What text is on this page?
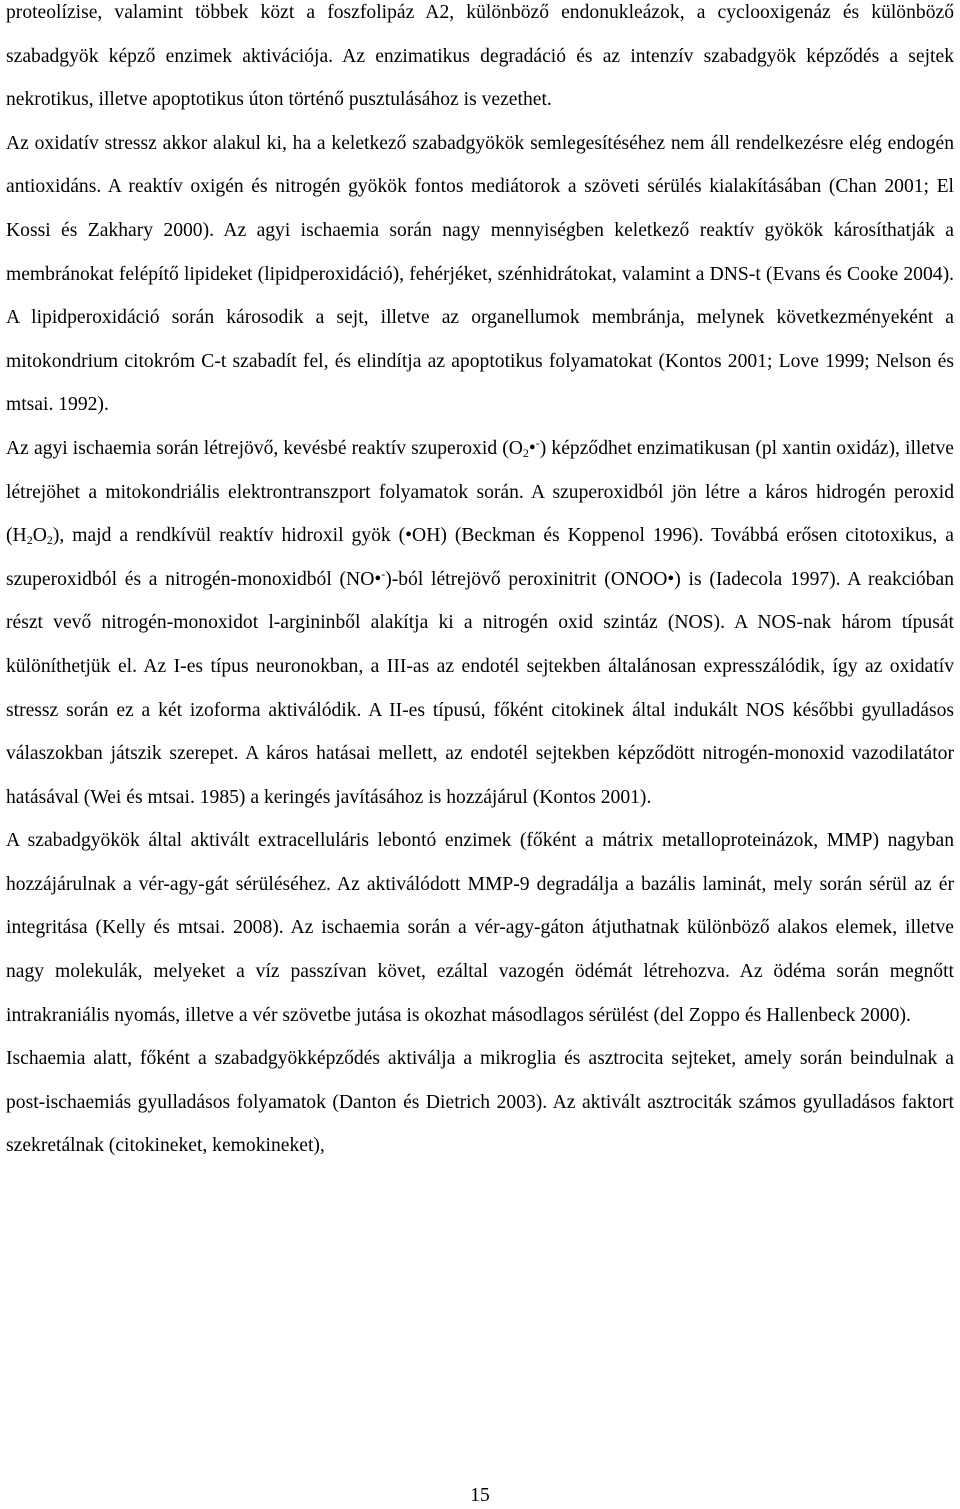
proteolízise, valamint többek közt a foszfolipáz A2, különböző endonukleázok, a cyclooxigenáz és különböző szabadgyök képző enzimek aktivációja. Az enzimatikus degradáció és az intenzív szabadgyök képződés a sejtek nekrotikus, illetve apoptotikus úton történő pusztulásához is vezethet.

Az oxidatív stressz akkor alakul ki, ha a keletkező szabadgyökök semlegesítéséhez nem áll rendelkezésre elég endogén antioxidáns. A reaktív oxigén és nitrogén gyökök fontos mediátorok a szöveti sérülés kialakításában (Chan 2001; El Kossi és Zakhary 2000). Az agyi ischaemia során nagy mennyiségben keletkező reaktív gyökök károsíthatják a membránokat felépítő lipideket (lipidperoxidáció), fehérjéket, szénhidrátokat, valamint a DNS-t (Evans és Cooke 2004). A lipidperoxidáció során károsodik a sejt, illetve az organellumok membránja, melynek következményeként a mitokondrium citokróm C-t szabadít fel, és elindítja az apoptotikus folyamatokat (Kontos 2001; Love 1999; Nelson és mtsai. 1992).

Az agyi ischaemia során létrejövő, kevésbé reaktív szuperoxid $(O_2•^-)$ képződhet enzimatikusan (pl xantin oxidáz), illetve létrejöhet a mitokondriális elektrontranszport folyamatok során. A szuperoxidból jön létre a káros hidrogén peroxid $(H_2O_2)$, majd a rendkívül reaktív hidroxil gyök (•OH) (Beckman és Koppenol 1996). Továbbá erősen citotoxikus, a szuperoxidból és a nitrogén-monoxidból (NO•-)-ból létrejövő peroxinitrit (ONOO•) is (Iadecola 1997). A reakcióban részt vevő nitrogén-monoxidot l-argininből alakítja ki a nitrogén oxid szintáz (NOS). A NOS-nak három típusát különíthetjük el. Az I-es típus neuronokban, a III-as az endotél sejtekben általánosan expresszálódik, így az oxidatív stressz során ez a két izoforma aktiválódik. A II-es típusú, főként citokinek által indukált NOS későbbi gyulladásos válaszokban játszik szerepet. A káros hatásai mellett, az endotél sejtekben képződött nitrogén-monoxid vazodilatátor hatásával (Wei és mtsai. 1985) a keringés javításához is hozzájárul (Kontos 2001).

A szabadgyökök által aktivált extracelluláris lebontó enzimek (főként a mátrix metalloproteinázok, MMP) nagyban hozzájárulnak a vér-agy-gát sérüléséhez. Az aktiválódott MMP-9 degradálja a bazális laminát, mely során sérül az ér integritása (Kelly és mtsai. 2008). Az ischaemia során a vér-agy-gáton átjuthatnak különböző alakos elemek, illetve nagy molekulák, melyeket a víz passzívan követ, ezáltal vazogén ödémát létrehozva. Az ödéma során megnőtt intrakraniális nyomás, illetve a vér szövetbe jutása is okozhat másodlagos sérülést (del Zoppo és Hallenbeck 2000).

Ischaemia alatt, főként a szabadgyökképződés aktiválja a mikroglia és asztrocita sejteket, amely során beindulnak a post-ischaemiás gyulladásos folyamatok (Danton és Dietrich 2003). Az aktivált asztrociták számos gyulladásos faktort szekretálnak (citokineket, kemokineket),

15
